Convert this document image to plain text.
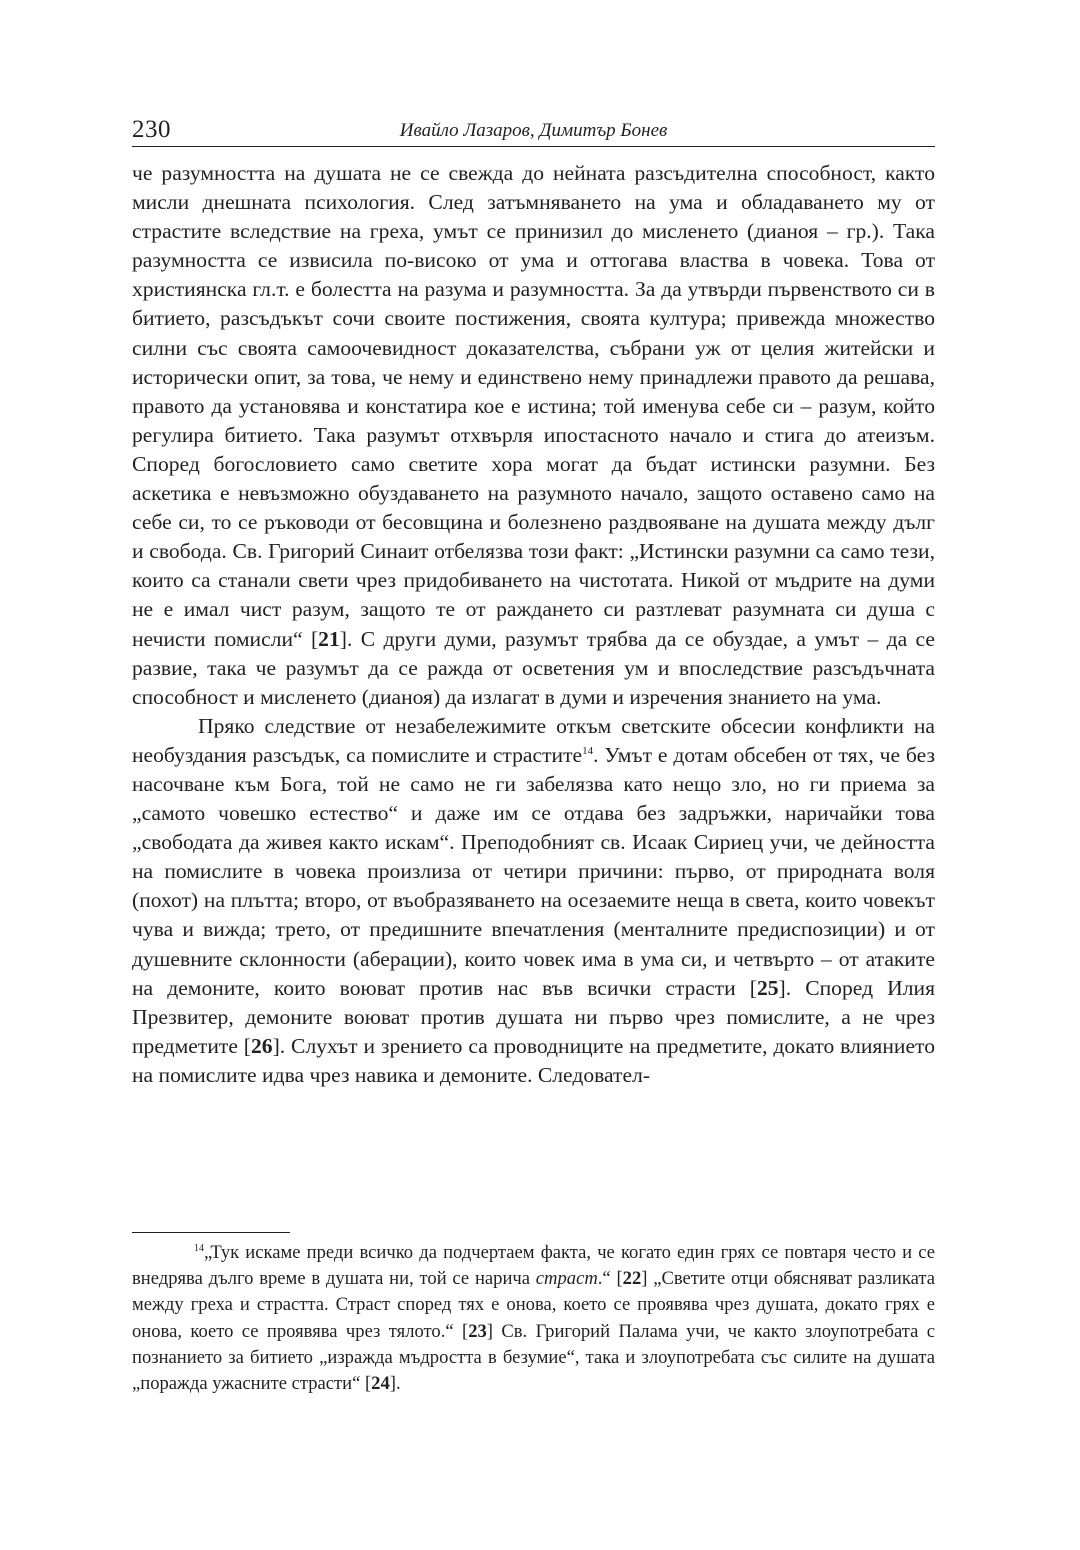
230	Ивайло Лазаров, Димитър Бонев

че разумността на душата не се свежда до нейната разсъдителна способност, както мисли днешната психология. След затъмняването на ума и обладаването му от страстите вследствие на греха, умът се принизил до мисленето (дианоя – гр.). Така разумността се извисила по-високо от ума и оттогава властва в човека. Това от християнска гл.т. е болестта на разума и разумността. За да утвърди първенството си в битието, разсъдъкът сочи своите постижения, своята култура; привежда множество силни със своята самоочевидност доказателства, събрани уж от целия житейски и исторически опит, за това, че нему и единствено нему принадлежи правото да решава, правото да установява и констатира кое е истина; той именува себе си – разум, който регулира битието. Така разумът отхвърля ипостасното начало и стига до атеизъм. Според богословието само светите хора могат да бъдат истински разумни. Без аскетика е невъзможно обуздаването на разумното начало, защото оставено само на себе си, то се ръководи от бесовщина и болезнено раздвояване на душата между дълг и свобода. Св. Григорий Синаит отбелязва този факт: „Истински разумни са само тези, които са станали свети чрез придобиването на чистотата. Никой от мъдрите на думи не е имал чист разум, защото те от раждането си разтлеват разумната си душа с нечисти помисли“ [21]. С други думи, разумът трябва да се обуздае, а умът – да се развие, така че разумът да се ражда от осветения ум и впоследствие разсъдъчната способност и мисленето (дианоя) да излагат в думи и изречения знанието на ума.

Пряко следствие от незабележимите откъм светските обсесии конфликти на необуздания разсъдък, са помислите и страстите$^{14}$. Умът е дотам обсебен от тях, че без насочване към Бога, той не само не ги забелязва като нещо зло, но ги приема за „самото човешко естество“ и даже им се отдава без задръжки, наричайки това „свободата да живея както искам“. Преподобният св. Исаак Сириец учи, че дейността на помислите в човека произлиза от четири причини: първо, от природната воля (похот) на плътта; второ, от въобразяването на осезаемите неща в света, които човекът чува и вижда; трето, от предишните впечатления (менталните предиспозиции) и от душевните склонности (аберации), които човек има в ума си, и четвърто – от атаките на демоните, които воюват против нас във всички страсти [25]. Според Илия Презвитер, демоните воюват против душата ни първо чрез помислите, а не чрез предметите [26]. Слухът и зрението са проводниците на предметите, докато влиянието на помислите идва чрез навика и демоните. Следовател-

$^{14}$„Тук искаме преди всичко да подчертаем факта, че когато един грях се повтаря често и се внедрява дълго време в душата ни, той се нарича страст.“ [22] „Светите отци обясняват разликата между греха и страстта. Страст според тях е онова, което се проявява чрез душата, докато грях е онова, което се проявява чрез тялото.“ [23] Св. Григорий Палама учи, че както злоупотребата с познанието за битието „изражда мъдростта в безумие“, така и злоупотребата със силите на душата „поражда ужасните страсти“ [24].
